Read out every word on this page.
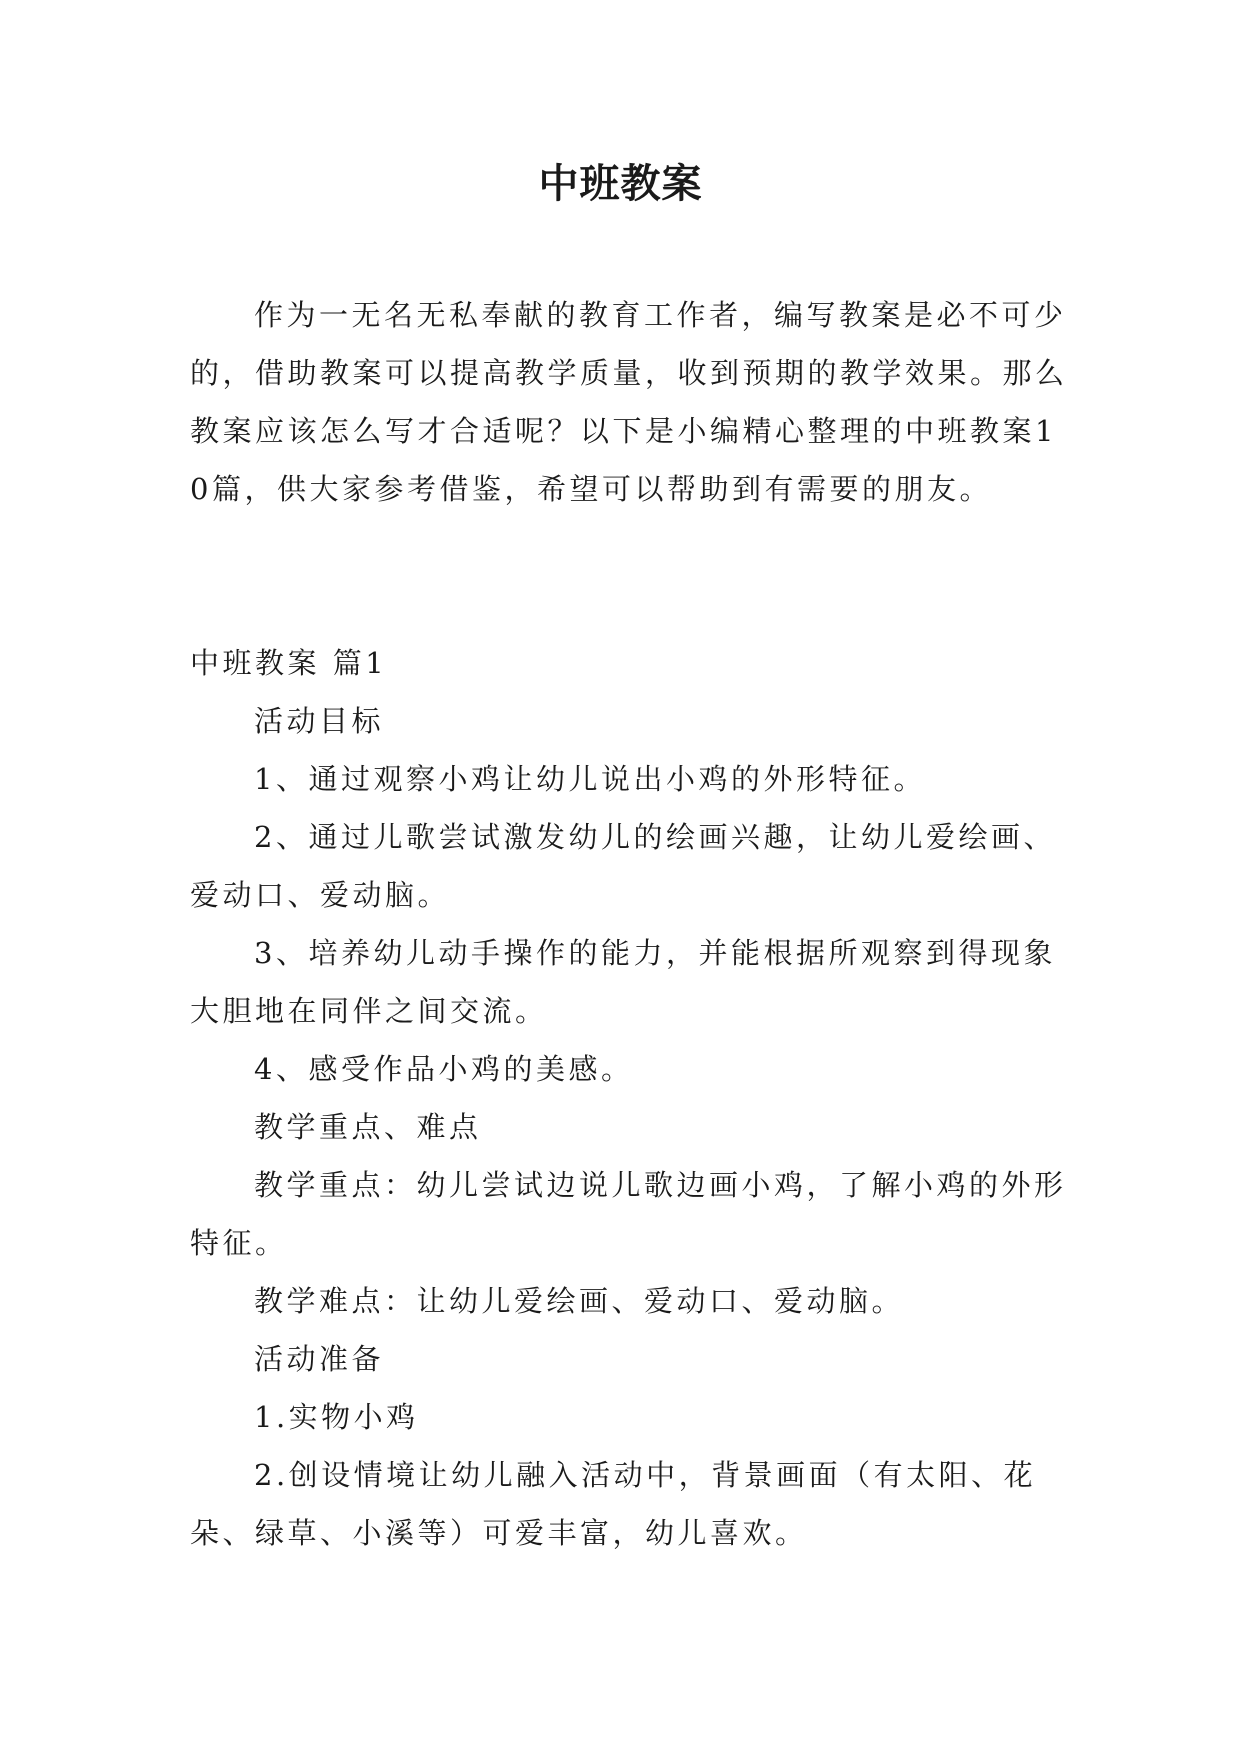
中班教案
作为一无名无私奉献的教育工作者，编写教案是必不可少的，借助教案可以提高教学质量，收到预期的教学效果。那么教案应该怎么写才合适呢？以下是小编精心整理的中班教案10篇，供大家参考借鉴，希望可以帮助到有需要的朋友。

中班教案 篇1

活动目标

1、通过观察小鸡让幼儿说出小鸡的外形特征。

2、通过儿歌尝试激发幼儿的绘画兴趣，让幼儿爱绘画、爱动口、爱动脑。

3、培养幼儿动手操作的能力，并能根据所观察到得现象大胆地在同伴之间交流。

4、感受作品小鸡的美感。

教学重点、难点

教学重点：幼儿尝试边说儿歌边画小鸡，了解小鸡的外形特征。

教学难点：让幼儿爱绘画、爱动口、爱动脑。

活动准备

1.实物小鸡

2.创设情境让幼儿融入活动中，背景画面（有太阳、花朵、绿草、小溪等）可爱丰富，幼儿喜欢。
